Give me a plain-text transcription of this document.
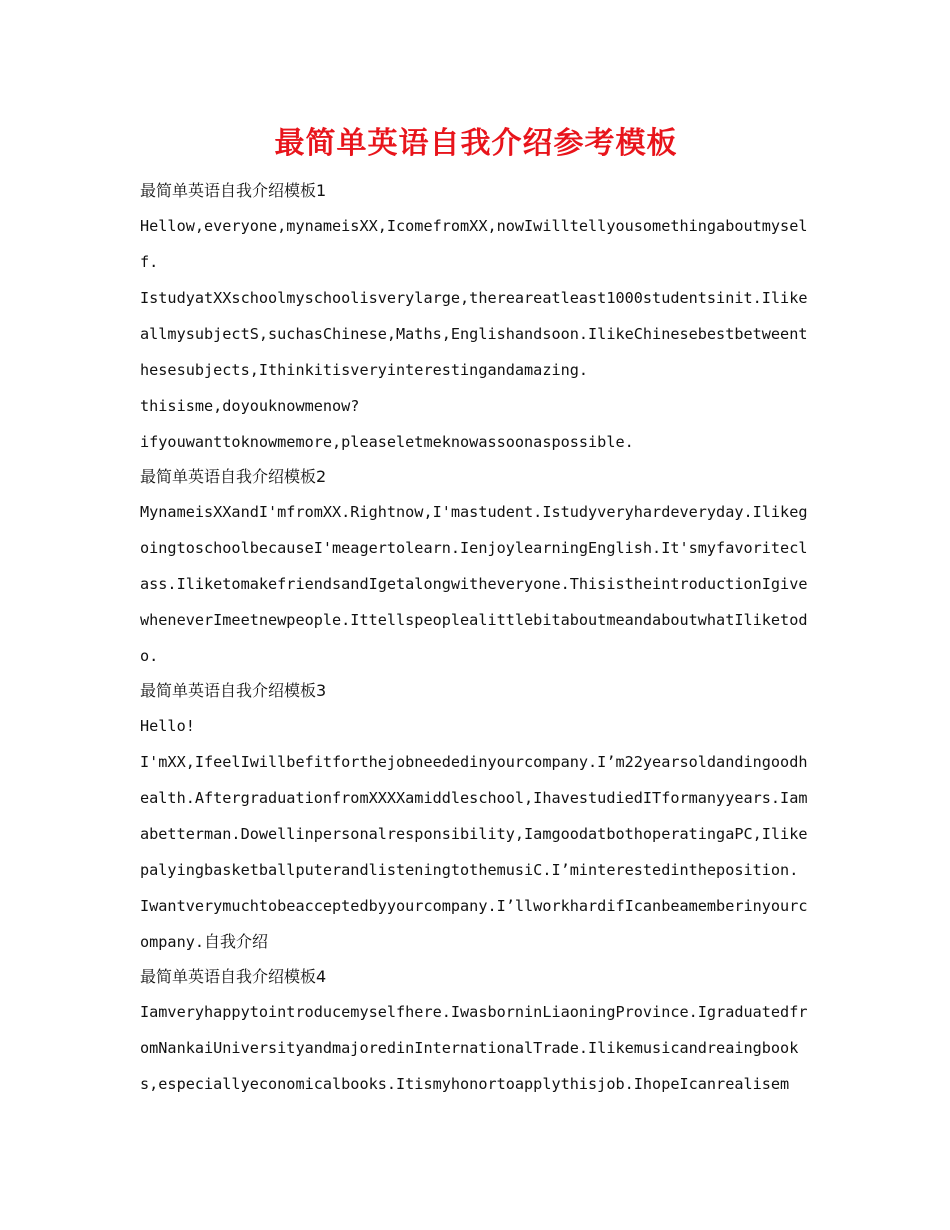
最简单英语自我介绍参考模板

最简单英语自我介绍模板1

Hellow,everyone,mynameisXX,IcomefromXX,nowIwilltellyousomethingaboutmyself.

IstudyatXXschoolmyschoolisverylarge,thereareatleast1000studentsinit.IlikeallmysubjectS,suchasChinese,Maths,Englishandsoon.IlikeChinesebestbetweenthesesubjects,Ithinkitisveryinterestingandamazing.

thisisme,doyouknowmenow?

ifyouwanttoknowmemore,pleaseletmeknowassoonaspossible.

最简单英语自我介绍模板2

MynameisXXandI'mfromXX.Rightnow,I'mastudent.Istudyveryhardeveryday.IlikegoingtoschoolbecauseI'meagertolearn.IenjoylearningEnglish.It'smyfavoriteclass.IliketomakefriendsandIgetalongwitheveryone.ThisistheintroductionIgivewheneverImeetnewpeople.IttellspeoplealittlebitaboutmeandaboutwhatIliketodo.

最简单英语自我介绍模板3

Hello!

I'mXX,IfeelIwillbefitforthejobneededinyourcompany.I’m22yearsoldandingoodhealth.AftergraduationfromXXXXamiddleschool,IhavestudiedITformanyyears.Iamabetterman.Dowellinpersonalresponsibility,IamgoodatbothoperatingaPC,IlikepalyingbasketballputerandlisteningtothemusiC.I’minterestedintheposition.

Iwantverymuchtobeacceptedbyyourcompany.I’llworkhardifIcanbeamemberinyourcompany.自我介绍

最简单英语自我介绍模板4

Iamveryhappytointroducemyselfhere.IwasborninLiaoningProvince.IgraduatedfromNankaiUniversityandmajoredinInternationalTrade.Ilikemusicandreaingbooks,especiallyeconomicalbooks.Itismyhonortoapplythisjob.IhopeIcanrealisem
